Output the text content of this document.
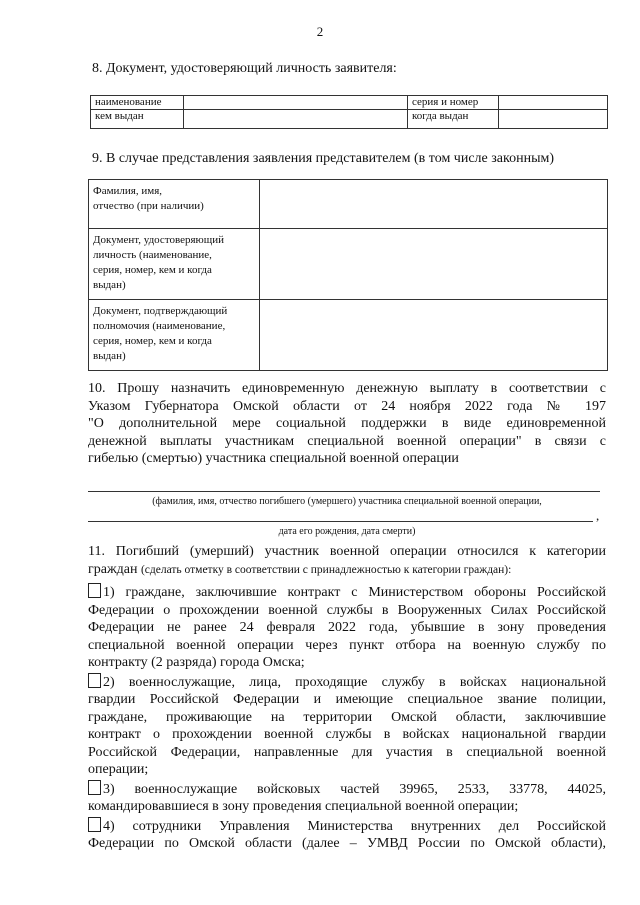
2
8. Документ, удостоверяющий личность заявителя:
наименование		серия и номер	
кем выдан		когда выдан	
9. В случае представления заявления представителем (в том числе законным)
Фамилия, имя,
отчество (при наличии)	
Документ, удостоверяющий
личность (наименование,
серия, номер, кем и когда
выдан)	
Документ, подтверждающий
полномочия (наименование,
серия, номер, кем и когда
выдан)	
10. Прошу назначить единовременную денежную выплату в соответствии с
Указом Губернатора Омской области от 24 ноября 2022 года № 197
"О дополнительной мере социальной поддержки в виде единовременной
денежной выплаты участникам специальной военной операции" в связи с
гибелью (смертью) участника специальной военной операции
(фамилия, имя, отчество погибшего (умершего) участника специальной военной операции,
,
дата его рождения, дата смерти)
11. Погибший (умерший) участник военной операции относился к категории
граждан (сделать отметку в соответствии с принадлежностью к категории граждан):
1) граждане, заключившие контракт с Министерством обороны Российской
Федерации о прохождении военной службы в Вооруженных Силах Российской
Федерации не ранее 24 февраля 2022 года, убывшие в зону проведения
специальной военной операции через пункт отбора на военную службу по
контракту (2 разряда) города Омска;
2) военнослужащие, лица, проходящие службу в войсках национальной
гвардии Российской Федерации и имеющие специальное звание полиции,
граждане, проживающие на территории Омской области, заключившие
контракт о прохождении военной службы в войсках национальной гвардии
Российской Федерации, направленные для участия в специальной военной
операции;
3) военнослужащие войсковых частей 39965, 2533, 33778, 44025,
командировавшиеся в зону проведения специальной военной операции;
4) сотрудники Управления Министерства внутренних дел Российской
Федерации по Омской области (далее – УМВД России по Омской области),
